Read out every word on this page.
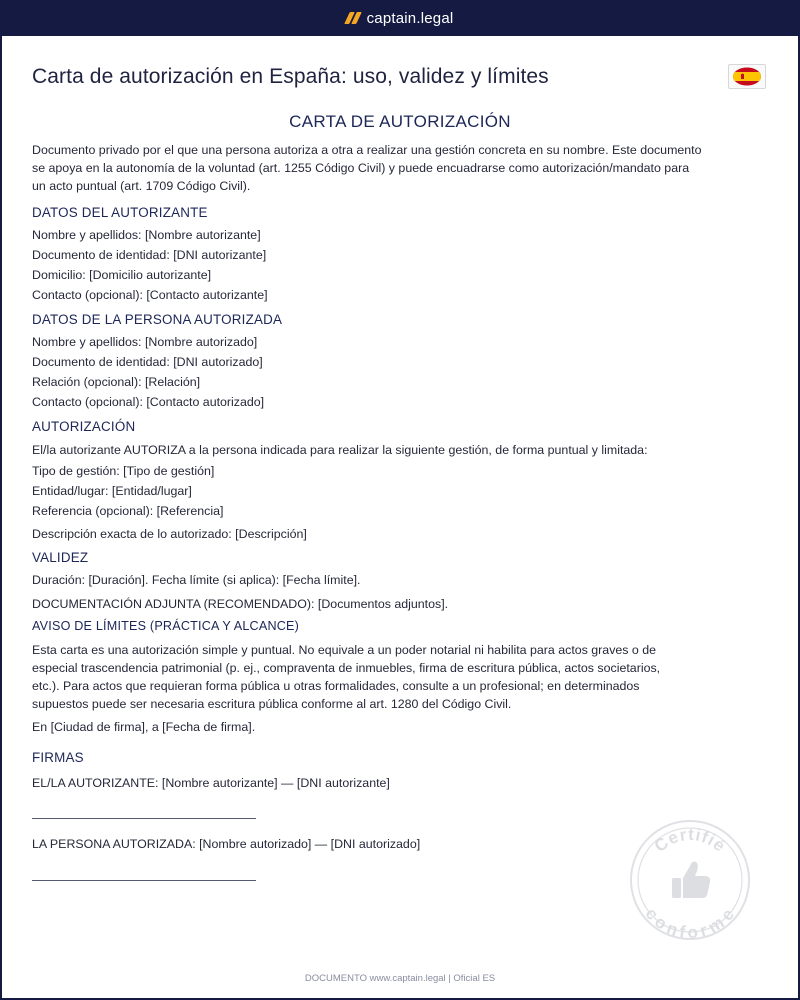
captain.legal
Carta de autorización en España: uso, validez y límites
CARTA DE AUTORIZACIÓN
Documento privado por el que una persona autoriza a otra a realizar una gestión concreta en su nombre. Este documento
se apoya en la autonomía de la voluntad (art. 1255 Código Civil) y puede encuadrarse como autorización/mandato para
un acto puntual (art. 1709 Código Civil).
DATOS DEL AUTORIZANTE
Nombre y apellidos: [Nombre autorizante]
Documento de identidad: [DNI autorizante]
Domicilio: [Domicilio autorizante]
Contacto (opcional): [Contacto autorizante]
DATOS DE LA PERSONA AUTORIZADA
Nombre y apellidos: [Nombre autorizado]
Documento de identidad: [DNI autorizado]
Relación (opcional): [Relación]
Contacto (opcional): [Contacto autorizado]
AUTORIZACIÓN
El/la autorizante AUTORIZA a la persona indicada para realizar la siguiente gestión, de forma puntual y limitada:
Tipo de gestión: [Tipo de gestión]
Entidad/lugar: [Entidad/lugar]
Referencia (opcional): [Referencia]
Descripción exacta de lo autorizado: [Descripción]
VALIDEZ
Duración: [Duración]. Fecha límite (si aplica): [Fecha límite].
DOCUMENTACIÓN ADJUNTA (RECOMENDADO): [Documentos adjuntos].
AVISO DE LÍMITES (PRÁCTICA Y ALCANCE)
Esta carta es una autorización simple y puntual. No equivale a un poder notarial ni habilita para actos graves o de
especial trascendencia patrimonial (p. ej., compraventa de inmuebles, firma de escritura pública, actos societarios,
etc.). Para actos que requieran forma pública u otras formalidades, consulte a un profesional; en determinados
supuestos puede ser necesaria escritura pública conforme al art. 1280 del Código Civil.
En [Ciudad de firma], a [Fecha de firma].
FIRMAS
EL/LA AUTORIZANTE: [Nombre autorizante] — [DNI autorizante]
LA PERSONA AUTORIZADA: [Nombre autorizado] — [DNI autorizado]	Certifié
conforme
DOCUMENTO www.captain.legal | Oficial ES
